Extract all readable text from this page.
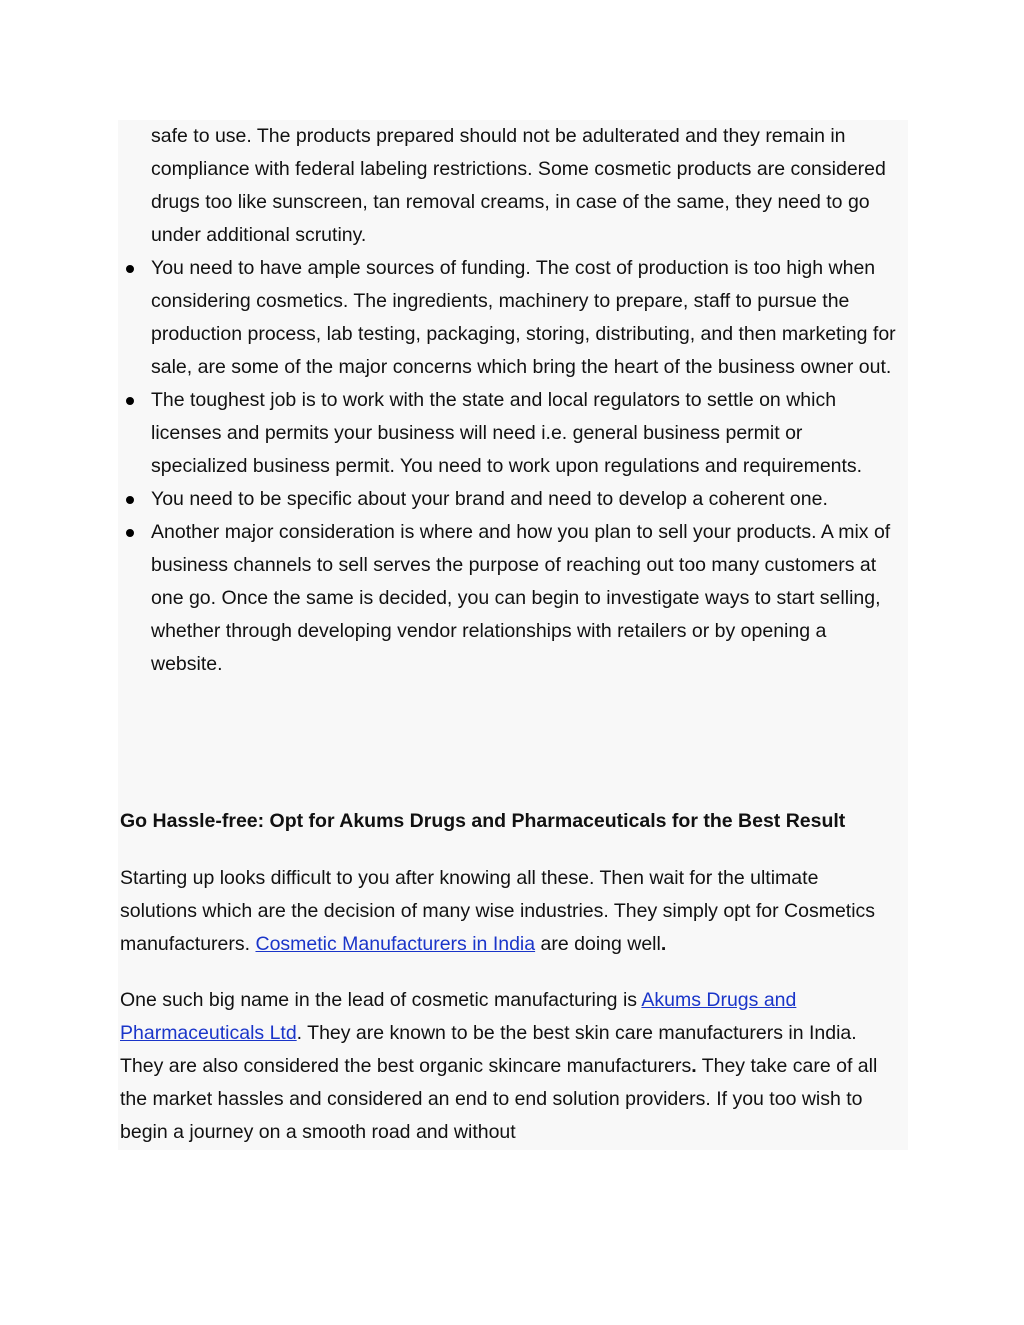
safe to use. The products prepared should not be adulterated and they remain in compliance with federal labeling restrictions. Some cosmetic products are considered drugs too like sunscreen, tan removal creams, in case of the same, they need to go under additional scrutiny.

You need to have ample sources of funding. The cost of production is too high when considering cosmetics. The ingredients, machinery to prepare, staff to pursue the production process, lab testing, packaging, storing, distributing, and then marketing for sale, are some of the major concerns which bring the heart of the business owner out.
The toughest job is to work with the state and local regulators to settle on which licenses and permits your business will need i.e. general business permit or specialized business permit. You need to work upon regulations and requirements.
You need to be specific about your brand and need to develop a coherent one.
Another major consideration is where and how you plan to sell your products. A mix of business channels to sell serves the purpose of reaching out too many customers at one go. Once the same is decided, you can begin to investigate ways to start selling, whether through developing vendor relationships with retailers or by opening a website.
Go Hassle-free: Opt for Akums Drugs and Pharmaceuticals for the Best Result

Starting up looks difficult to you after knowing all these. Then wait for the ultimate solutions which are the decision of many wise industries. They simply opt for Cosmetics manufacturers. Cosmetic Manufacturers in India are doing well.

One such big name in the lead of cosmetic manufacturing is Akums Drugs and Pharmaceuticals Ltd. They are known to be the best skin care manufacturers in India. They are also considered the best organic skincare manufacturers. They take care of all the market hassles and considered an end to end solution providers. If you too wish to begin a journey on a smooth road and without
